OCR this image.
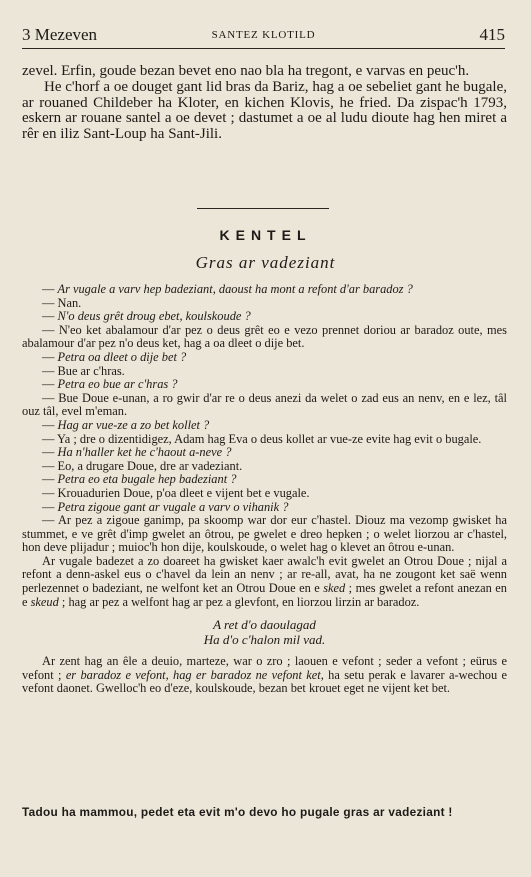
3 Mezeven	SANTEZ KLOTILD	415

zevel. Erfin, goude bezan bevet eno nao bla ha tregont, e varvas en peuc'h.

He c'horf a oe douget gant lid bras da Bariz, hag a oe sebeliet gant he bugale, ar rouaned Childeber ha Kloter, en kichen Klovis, he fried. Da zispac'h 1793, eskern ar rouane santel a oe devet ; dastumet a oe al ludu dioute hag hen miret a rêr en iliz Sant-Loup ha Sant-Jili.

KENTEL
Gras ar vadeziant

— Ar vugale a varv hep badeziant, daoust ha mont a refont d'ar baradoz ?

— Nan.

— N'o deus grêt droug ebet, koulskoude ?

— N'eo ket abalamour d'ar pez o deus grêt eo e vezo prennet doriou ar baradoz oute, mes abalamour d'ar pez n'o deus ket, hag a oa dleet o dije bet.

— Petra oa dleet o dije bet ?

— Bue ar c'hras.

— Petra eo bue ar c'hras ?

— Bue Doue e-unan, a ro gwir d'ar re o deus anezi da welet o zad eus an nenv, en e lez, tâl ouz tâl, evel m'eman.

— Hag ar vue-ze a zo bet kollet ?

— Ya ; dre o dizentidigez, Adam hag Eva o deus kollet ar vue-ze evite hag evit o bugale.

— Ha n'haller ket he c'haout a-neve ?

— Eo, a drugare Doue, dre ar vadeziant.

— Petra eo eta bugale hep badeziant ?

— Krouadurien Doue, p'oa dleet e vijent bet e vugale.

— Petra zigoue gant ar vugale a varv o vihanik ?

— Ar pez a zigoue ganimp, pa skoomp war dor eur c'hastel. Diouz ma vezomp gwisket ha stummet, e ve grêt d'imp gwelet an ôtrou, pe gwelet e dreo hepken ; o welet liorzou ar c'hastel, hon deve plijadur ; muioc'h hon dije, koulskoude, o welet hag o klevet an ôtrou e-unan.

Ar vugale badezet a zo doareet ha gwisket kaer awalc'h evit gwelet an Otrou Doue ; nijal a refont a denn-askel eus o c'havel da lein an nenv ; ar re-all, avat, ha ne zougont ket saë wenn perlezennet o badeziant, ne welfont ket an Otrou Doue en e sked ; mes gwelet a refont anezan en e skeud ; hag ar pez a welfont hag ar pez a glevfont, en liorzou lirzin ar baradoz.

A ret d'o daoulagad
Ha d'o c'halon mil vad.

Ar zent hag an êle a deuio, marteze, war o zro ; laouen e vefont ; seder a vefont ; eürus e vefont ; er baradoz e vefont, hag er baradoz ne vefont ket, ha setu perak e lavarer a-wechou e vefont daonet. Gwelloc'h eo d'eze, koulskoude, bezan bet krouet eget ne vijent ket bet.

Tadou ha mammou, pedet eta evit m'o devo ho pugale gras ar vadeziant !
